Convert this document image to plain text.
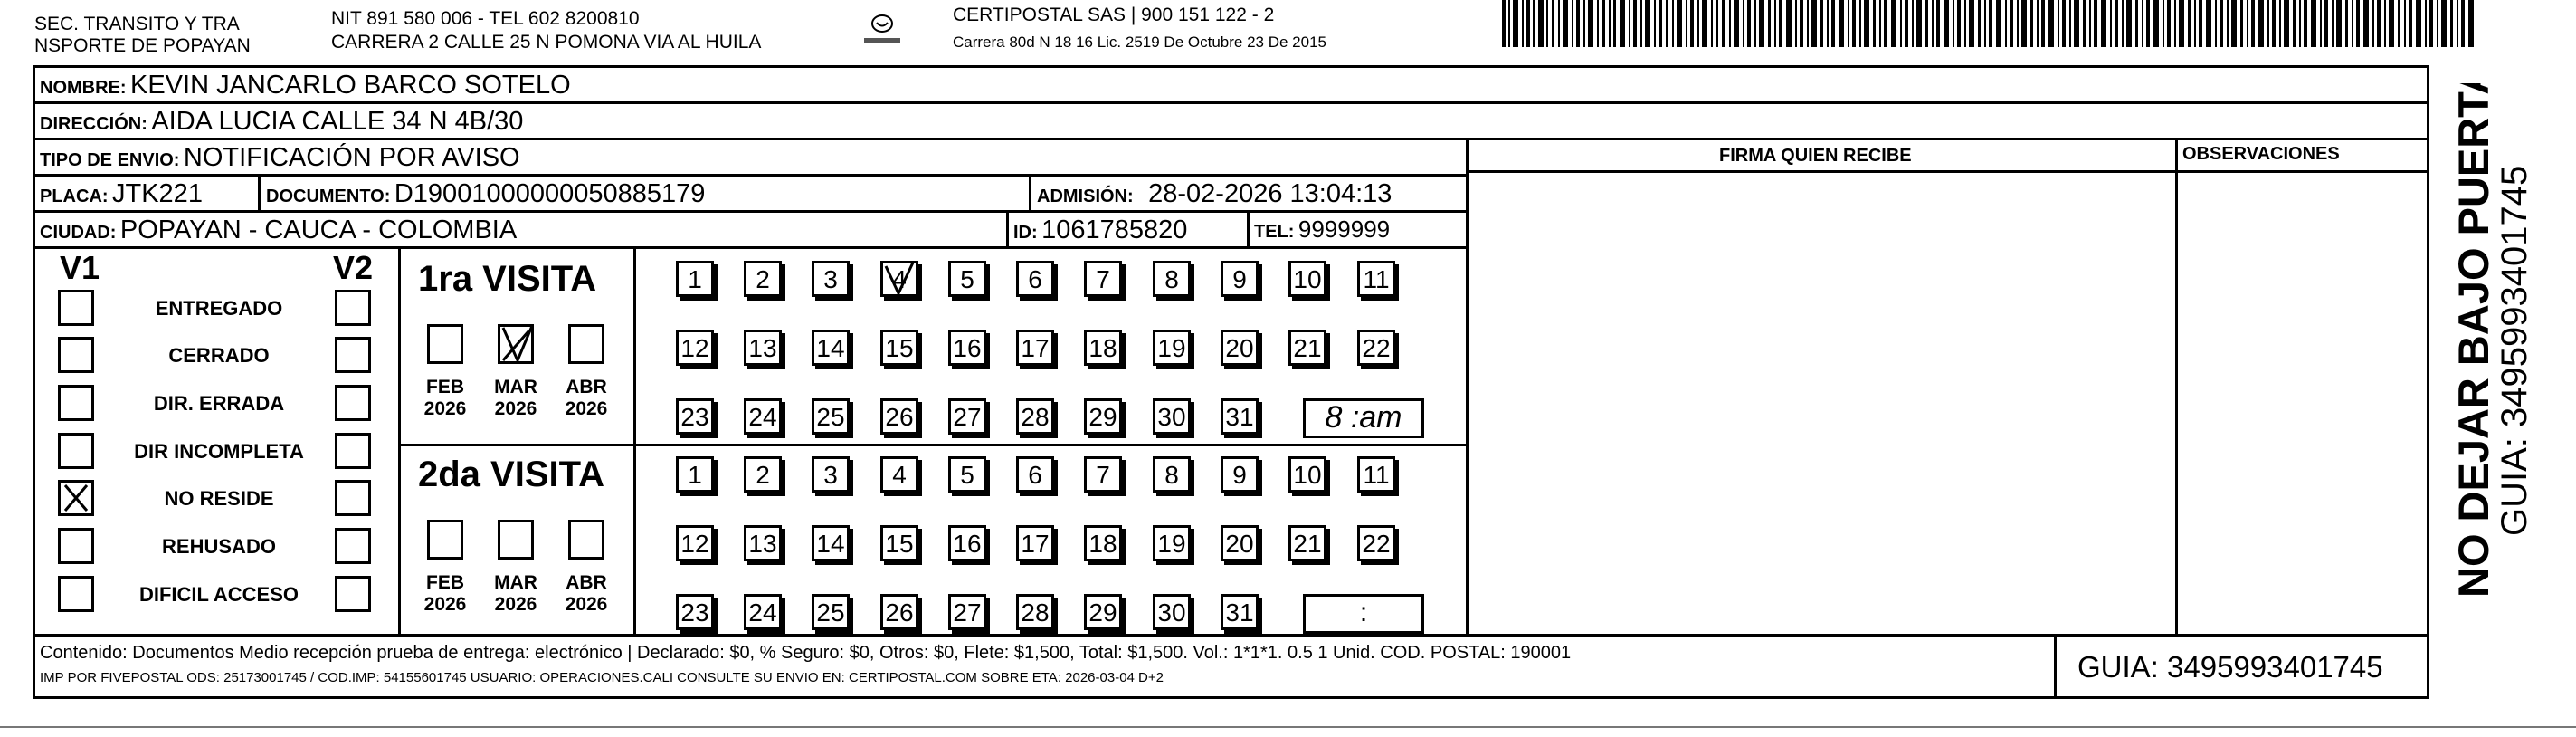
SEC. TRANSITO Y TRA
NSPORTE DE POPAYAN
NIT 891 580 006 - TEL 602 8200810
CARRERA 2 CALLE 25 N POMONA VIA AL HUILA
CERTIPOSTAL SAS | 900 151 122 - 2
Carrera 80d N 18 16 Lic. 2519 De Octubre 23 De 2015
NOMBRE: KEVIN JANCARLO BARCO SOTELO
DIRECCIÓN: AIDA LUCIA CALLE 34 N 4B/30
TIPO DE ENVIO: NOTIFICACIÓN POR AVISO	FIRMA QUIEN RECIBE	OBSERVACIONES
PLACA: JTK221	DOCUMENTO: D19001000000050885179	ADMISIÓN: 28-02-2026 13:04:13
CIUDAD: POPAYAN - CAUCA - COLOMBIA	ID: 1061785820	TEL: 9999999
V1	V2
ENTREGADO
CERRADO
DIR. ERRADA
DIR INCOMPLETA
NO RESIDE
REHUSADO
DIFICIL ACCESO
1ra VISITA
FEB
2026
MAR
2026
ABR
2026
1	2	3	4	5	6	7	8	9	10 11
12 13 14 15 16 17 18 19 20 21 22
23 24 25 26 27 28 29 30 31	8 :am
2da VISITA
FEB
2026
MAR
2026
ABR
2026
1	2	3	4	5	6	7	8	9	10 11
12 13 14 15 16 17 18 19 20 21 22
23 24 25 26 27 28 29 30 31	:
Contenido: Documentos Medio recepción prueba de entrega: electrónico | Declarado: $0, % Seguro: $0, Otros: $0, Flete: $1,500, Total: $1,500. Vol.: 1*1*1. 0.5 1 Unid. COD. POSTAL: 190001
IMP POR FIVEPOSTAL ODS: 25173001745 / COD.IMP: 54155601745 USUARIO: OPERACIONES.CALI CONSULTE SU ENVIO EN: CERTIPOSTAL.COM SOBRE ETA: 2026-03-04 D+2	GUIA: 3495993401745
NO DEJAR BAJO PUERTA
GUIA: 3495993401745
